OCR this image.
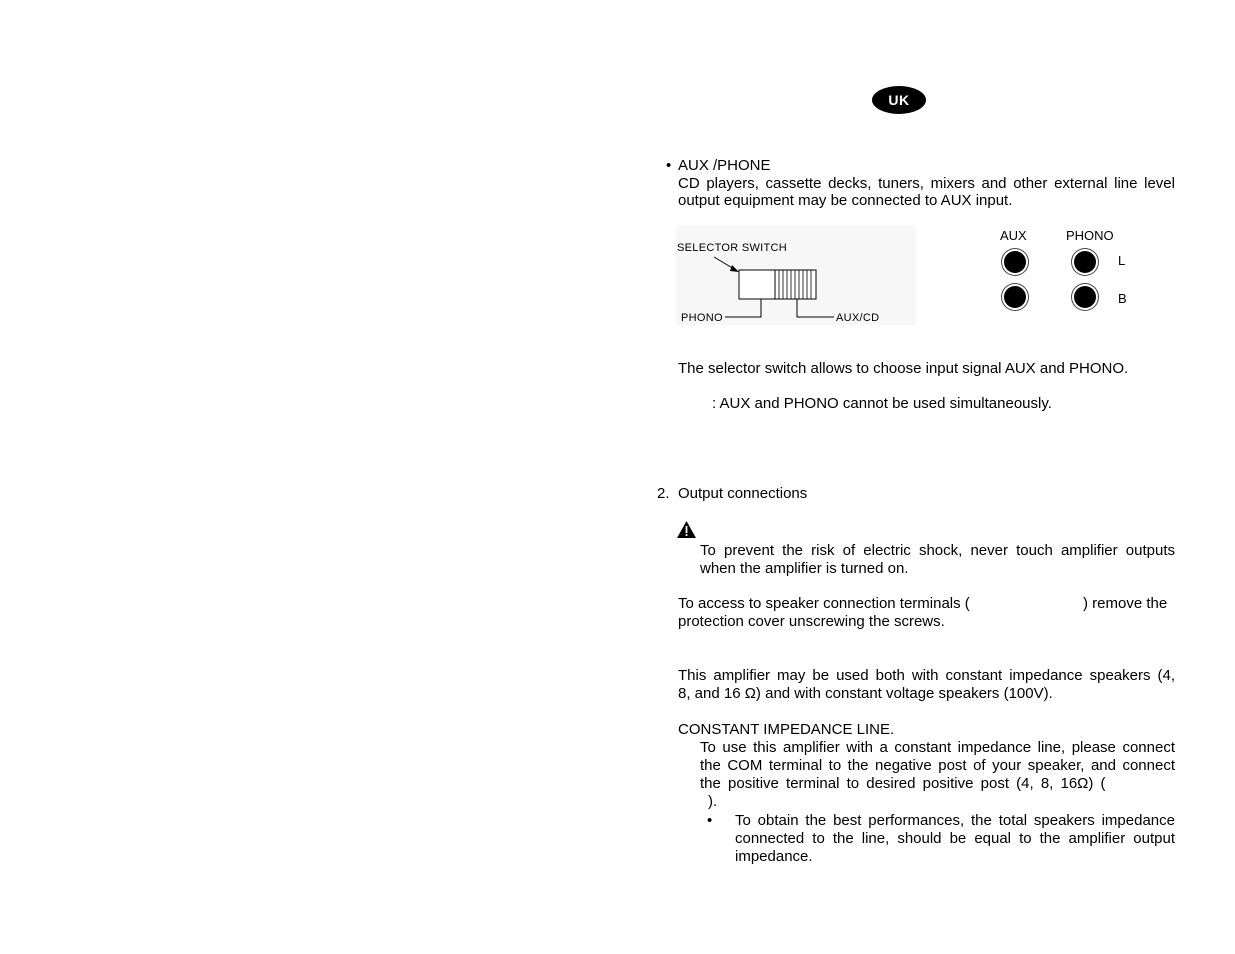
UK
• AUX /PHONE
CD players, cassette decks, tuners, mixers and other external line level
output equipment may be connected to AUX input.
SELECTOR SWITCH
PHONO	AUX/CD
AUX	PHONO
L
B
The selector switch allows to choose input signal AUX and PHONO.
: AUX and PHONO cannot be used simultaneously.
2. Output connections
To prevent the risk of electric shock, never touch amplifier outputs
when the amplifier is turned on.
To access to speaker connection terminals (	) remove the
protection cover unscrewing the screws.
This amplifier may be used both with constant impedance speakers (4,
8, and 16 Ω) and with constant voltage speakers (100V).
CONSTANT IMPEDANCE LINE.
To use this amplifier with a constant impedance line, please connect
the COM terminal to the negative post of your speaker, and connect
the positive terminal to desired positive post (4, 8, 16Ω) (
).
• To obtain the best performances, the total speakers impedance
connected to the line, should be equal to the amplifier output
impedance.
